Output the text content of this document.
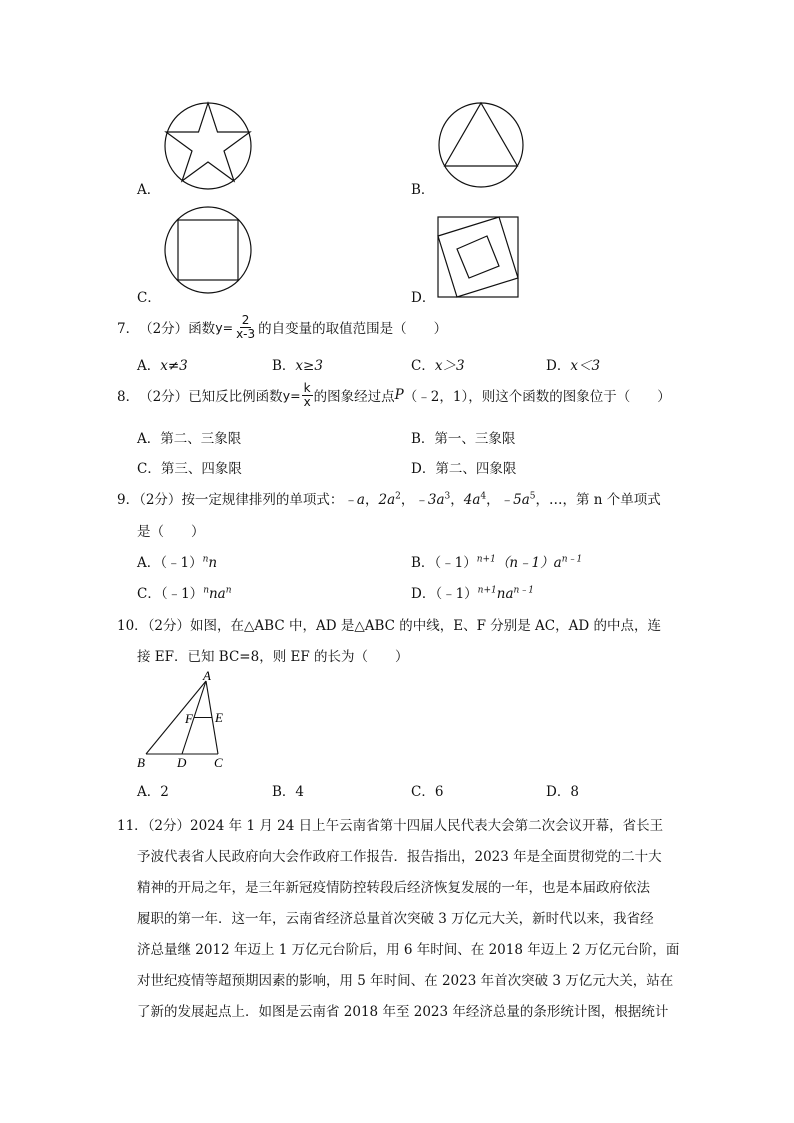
A．	B．
C．	D．
7． （2分） 函数 $y= \frac{2}{x-3}$ 的自变量的取值范围是（　　）
A．x≠3	B．x≥3	C．x＞3	D．x＜3
8． （2分） 已知反比例函数 $y= \frac{k}{x}$ 的图象经过点 P （﹣2，1），则这个函数的图象位于（　　）
A．第二、三象限	B．第一、三象限
C．第三、四象限	D．第二、四象限
9．（2分）按一定规律排列的单项式：﹣a，$2a^2$，$﹣3a^3$，$4a^4$，$﹣5a^5$，…，第 n 个单项式
是（　　）
A．（﹣1）$^n$n	B．$(﹣1)^{n+1}(n﹣1)a^{n﹣1}$
C．$(﹣1)^nna^n$	D．$(﹣1)^{n+1}na^{n﹣1}$
10．（2分）如图，在△ABC 中，AD 是△ABC 的中线，E、F 分别是 AC，AD 的中点，连
接 EF．已知 BC=8，则 EF 的长为（　　）
A
B	C
D
E
F
A．2	B．4	C．6	D．8
11．（2分）2024 年 1 月 24 日上午云南省第十四届人民代表大会第二次会议开幕，省长王
予波代表省人民政府向大会作政府工作报告．报告指出，2023 年是全面贯彻党的二十大
精神的开局之年，是三年新冠疫情防控转段后经济恢复发展的一年，也是本届政府依法
履职的第一年．这一年，云南省经济总量首次突破 3 万亿元大关，新时代以来，我省经
济总量继 2012 年迈上 1 万亿元台阶后，用 6 年时间、在 2018 年迈上 2 万亿元台阶，面
对世纪疫情等超预期因素的影响，用 5 年时间、在 2023 年首次突破 3 万亿元大关，站在
了新的发展起点上．如图是云南省 2018 年至 2023 年经济总量的条形统计图，根据统计
